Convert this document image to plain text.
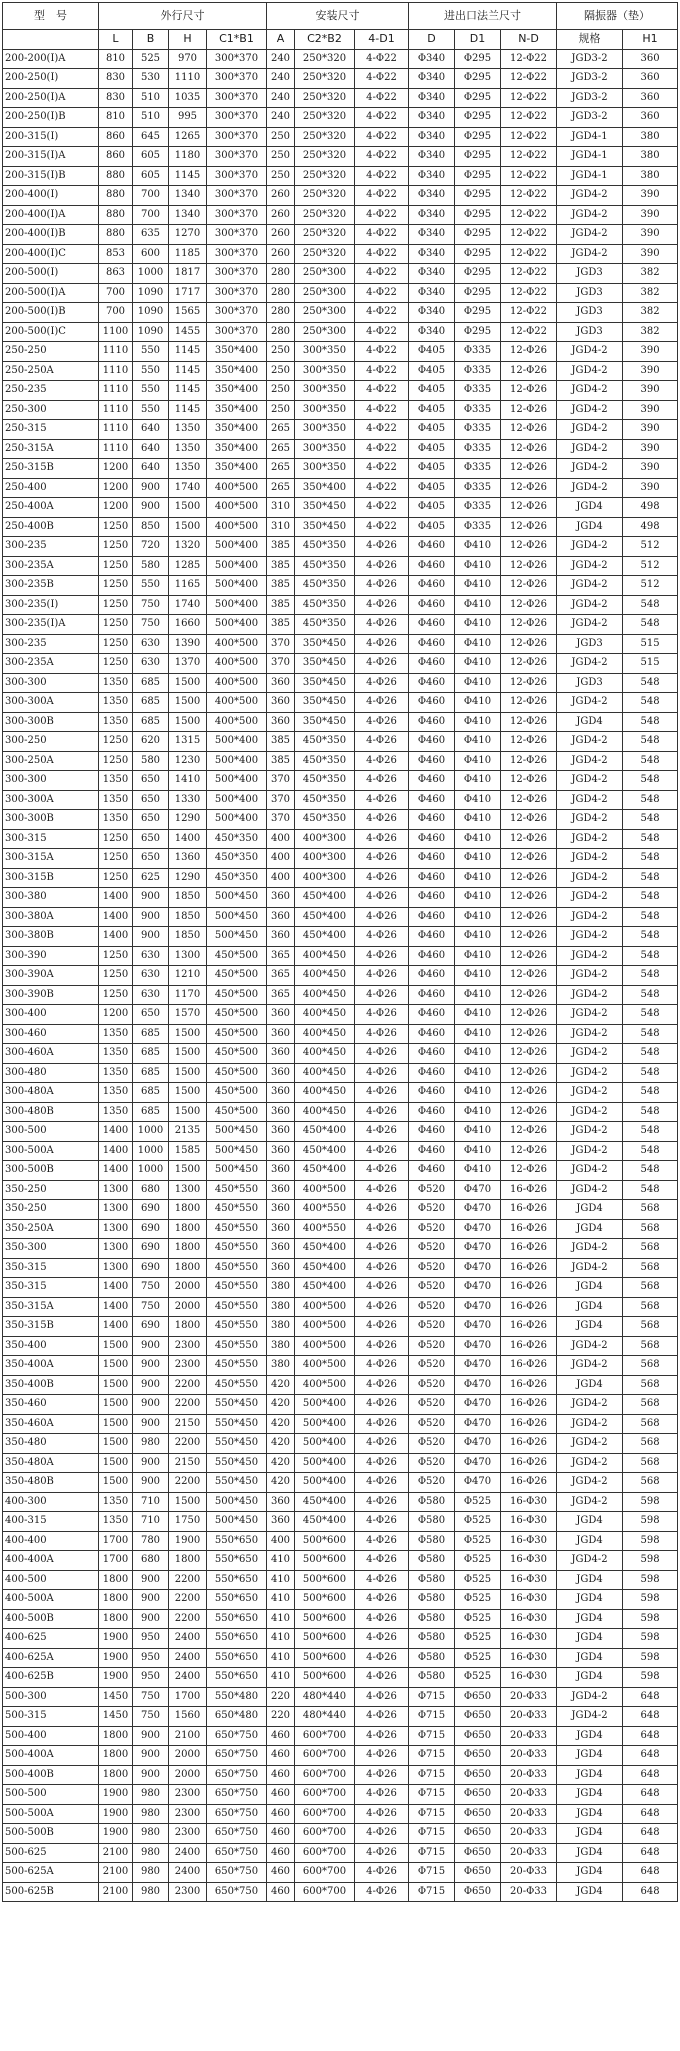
型　号	外行尺寸				安装尺寸			进出口法兰尺寸			隔振器（垫）	
	L	B	H	C1*B1	A	C2*B2	4-D1	D	D1	N-D	规格	H1
200-200(I)A	810	525	970	300*370	240	250*320	4-Φ22	Φ340	Φ295	12-Φ22	JGD3-2	360
200-250(I)	830	530	1110	300*370	240	250*320	4-Φ22	Φ340	Φ295	12-Φ22	JGD3-2	360
200-250(I)A	830	510	1035	300*370	240	250*320	4-Φ22	Φ340	Φ295	12-Φ22	JGD3-2	360
200-250(I)B	810	510	995	300*370	240	250*320	4-Φ22	Φ340	Φ295	12-Φ22	JGD3-2	360
200-315(I)	860	645	1265	300*370	250	250*320	4-Φ22	Φ340	Φ295	12-Φ22	JGD4-1	380
200-315(I)A	860	605	1180	300*370	250	250*320	4-Φ22	Φ340	Φ295	12-Φ22	JGD4-1	380
200-315(I)B	880	605	1145	300*370	250	250*320	4-Φ22	Φ340	Φ295	12-Φ22	JGD4-1	380
200-400(I)	880	700	1340	300*370	260	250*320	4-Φ22	Φ340	Φ295	12-Φ22	JGD4-2	390
200-400(I)A	880	700	1340	300*370	260	250*320	4-Φ22	Φ340	Φ295	12-Φ22	JGD4-2	390
200-400(I)B	880	635	1270	300*370	260	250*320	4-Φ22	Φ340	Φ295	12-Φ22	JGD4-2	390
200-400(I)C	853	600	1185	300*370	260	250*320	4-Φ22	Φ340	Φ295	12-Φ22	JGD4-2	390
200-500(I)	863	1000	1817	300*370	280	250*300	4-Φ22	Φ340	Φ295	12-Φ22	JGD3	382
200-500(I)A	700	1090	1717	300*370	280	250*300	4-Φ22	Φ340	Φ295	12-Φ22	JGD3	382
200-500(I)B	700	1090	1565	300*370	280	250*300	4-Φ22	Φ340	Φ295	12-Φ22	JGD3	382
200-500(I)C	1100	1090	1455	300*370	280	250*300	4-Φ22	Φ340	Φ295	12-Φ22	JGD3	382
250-250	1110	550	1145	350*400	250	300*350	4-Φ22	Φ405	Φ335	12-Φ26	JGD4-2	390
250-250A	1110	550	1145	350*400	250	300*350	4-Φ22	Φ405	Φ335	12-Φ26	JGD4-2	390
250-235	1110	550	1145	350*400	250	300*350	4-Φ22	Φ405	Φ335	12-Φ26	JGD4-2	390
250-300	1110	550	1145	350*400	250	300*350	4-Φ22	Φ405	Φ335	12-Φ26	JGD4-2	390
250-315	1110	640	1350	350*400	265	300*350	4-Φ22	Φ405	Φ335	12-Φ26	JGD4-2	390
250-315A	1110	640	1350	350*400	265	300*350	4-Φ22	Φ405	Φ335	12-Φ26	JGD4-2	390
250-315B	1200	640	1350	350*400	265	300*350	4-Φ22	Φ405	Φ335	12-Φ26	JGD4-2	390
250-400	1200	900	1740	400*500	265	350*400	4-Φ22	Φ405	Φ335	12-Φ26	JGD4-2	390
250-400A	1200	900	1500	400*500	310	350*450	4-Φ22	Φ405	Φ335	12-Φ26	JGD4	498
250-400B	1250	850	1500	400*500	310	350*450	4-Φ22	Φ405	Φ335	12-Φ26	JGD4	498
300-235	1250	720	1320	500*400	385	450*350	4-Φ26	Φ460	Φ410	12-Φ26	JGD4-2	512
300-235A	1250	580	1285	500*400	385	450*350	4-Φ26	Φ460	Φ410	12-Φ26	JGD4-2	512
300-235B	1250	550	1165	500*400	385	450*350	4-Φ26	Φ460	Φ410	12-Φ26	JGD4-2	512
300-235(I)	1250	750	1740	500*400	385	450*350	4-Φ26	Φ460	Φ410	12-Φ26	JGD4-2	548
300-235(I)A	1250	750	1660	500*400	385	450*350	4-Φ26	Φ460	Φ410	12-Φ26	JGD4-2	548
300-235	1250	630	1390	400*500	370	350*450	4-Φ26	Φ460	Φ410	12-Φ26	JGD3	515
300-235A	1250	630	1370	400*500	370	350*450	4-Φ26	Φ460	Φ410	12-Φ26	JGD4-2	515
300-300	1350	685	1500	400*500	360	350*450	4-Φ26	Φ460	Φ410	12-Φ26	JGD3	548
300-300A	1350	685	1500	400*500	360	350*450	4-Φ26	Φ460	Φ410	12-Φ26	JGD4-2	548
300-300B	1350	685	1500	400*500	360	350*450	4-Φ26	Φ460	Φ410	12-Φ26	JGD4	548
300-250	1250	620	1315	500*400	385	450*350	4-Φ26	Φ460	Φ410	12-Φ26	JGD4-2	548
300-250A	1250	580	1230	500*400	385	450*350	4-Φ26	Φ460	Φ410	12-Φ26	JGD4-2	548
300-300	1350	650	1410	500*400	370	450*350	4-Φ26	Φ460	Φ410	12-Φ26	JGD4-2	548
300-300A	1350	650	1330	500*400	370	450*350	4-Φ26	Φ460	Φ410	12-Φ26	JGD4-2	548
300-300B	1350	650	1290	500*400	370	450*350	4-Φ26	Φ460	Φ410	12-Φ26	JGD4-2	548
300-315	1250	650	1400	450*350	400	400*300	4-Φ26	Φ460	Φ410	12-Φ26	JGD4-2	548
300-315A	1250	650	1360	450*350	400	400*300	4-Φ26	Φ460	Φ410	12-Φ26	JGD4-2	548
300-315B	1250	625	1290	450*350	400	400*300	4-Φ26	Φ460	Φ410	12-Φ26	JGD4-2	548
300-380	1400	900	1850	500*450	360	450*400	4-Φ26	Φ460	Φ410	12-Φ26	JGD4-2	548
300-380A	1400	900	1850	500*450	360	450*400	4-Φ26	Φ460	Φ410	12-Φ26	JGD4-2	548
300-380B	1400	900	1850	500*450	360	450*400	4-Φ26	Φ460	Φ410	12-Φ26	JGD4-2	548
300-390	1250	630	1300	450*500	365	400*450	4-Φ26	Φ460	Φ410	12-Φ26	JGD4-2	548
300-390A	1250	630	1210	450*500	365	400*450	4-Φ26	Φ460	Φ410	12-Φ26	JGD4-2	548
300-390B	1250	630	1170	450*500	365	400*450	4-Φ26	Φ460	Φ410	12-Φ26	JGD4-2	548
300-400	1200	650	1570	450*500	360	400*450	4-Φ26	Φ460	Φ410	12-Φ26	JGD4-2	548
300-460	1350	685	1500	450*500	360	400*450	4-Φ26	Φ460	Φ410	12-Φ26	JGD4-2	548
300-460A	1350	685	1500	450*500	360	400*450	4-Φ26	Φ460	Φ410	12-Φ26	JGD4-2	548
300-480	1350	685	1500	450*500	360	400*450	4-Φ26	Φ460	Φ410	12-Φ26	JGD4-2	548
300-480A	1350	685	1500	450*500	360	400*450	4-Φ26	Φ460	Φ410	12-Φ26	JGD4-2	548
300-480B	1350	685	1500	450*500	360	400*450	4-Φ26	Φ460	Φ410	12-Φ26	JGD4-2	548
300-500	1400	1000	2135	500*450	360	450*400	4-Φ26	Φ460	Φ410	12-Φ26	JGD4-2	548
300-500A	1400	1000	1585	500*450	360	450*400	4-Φ26	Φ460	Φ410	12-Φ26	JGD4-2	548
300-500B	1400	1000	1500	500*450	360	450*400	4-Φ26	Φ460	Φ410	12-Φ26	JGD4-2	548
350-250	1300	680	1300	450*550	360	400*500	4-Φ26	Φ520	Φ470	16-Φ26	JGD4-2	548
350-250	1300	690	1800	450*550	360	400*550	4-Φ26	Φ520	Φ470	16-Φ26	JGD4	568
350-250A	1300	690	1800	450*550	360	400*550	4-Φ26	Φ520	Φ470	16-Φ26	JGD4	568
350-300	1300	690	1800	450*550	360	450*400	4-Φ26	Φ520	Φ470	16-Φ26	JGD4-2	568
350-315	1300	690	1800	450*550	360	450*400	4-Φ26	Φ520	Φ470	16-Φ26	JGD4-2	568
350-315	1400	750	2000	450*550	380	450*400	4-Φ26	Φ520	Φ470	16-Φ26	JGD4	568
350-315A	1400	750	2000	450*550	380	400*500	4-Φ26	Φ520	Φ470	16-Φ26	JGD4	568
350-315B	1400	690	1800	450*550	380	400*500	4-Φ26	Φ520	Φ470	16-Φ26	JGD4	568
350-400	1500	900	2300	450*550	380	400*500	4-Φ26	Φ520	Φ470	16-Φ26	JGD4-2	568
350-400A	1500	900	2300	450*550	380	400*500	4-Φ26	Φ520	Φ470	16-Φ26	JGD4-2	568
350-400B	1500	900	2200	450*550	420	400*500	4-Φ26	Φ520	Φ470	16-Φ26	JGD4	568
350-460	1500	900	2200	550*450	420	500*400	4-Φ26	Φ520	Φ470	16-Φ26	JGD4-2	568
350-460A	1500	900	2150	550*450	420	500*400	4-Φ26	Φ520	Φ470	16-Φ26	JGD4-2	568
350-480	1500	980	2200	550*450	420	500*400	4-Φ26	Φ520	Φ470	16-Φ26	JGD4-2	568
350-480A	1500	900	2150	550*450	420	500*400	4-Φ26	Φ520	Φ470	16-Φ26	JGD4-2	568
350-480B	1500	900	2200	550*450	420	500*400	4-Φ26	Φ520	Φ470	16-Φ26	JGD4-2	568
400-300	1350	710	1500	500*450	360	450*400	4-Φ26	Φ580	Φ525	16-Φ30	JGD4-2	598
400-315	1350	710	1750	500*450	360	450*400	4-Φ26	Φ580	Φ525	16-Φ30	JGD4	598
400-400	1700	780	1900	550*650	400	500*600	4-Φ26	Φ580	Φ525	16-Φ30	JGD4	598
400-400A	1700	680	1800	550*650	410	500*600	4-Φ26	Φ580	Φ525	16-Φ30	JGD4-2	598
400-500	1800	900	2200	550*650	410	500*600	4-Φ26	Φ580	Φ525	16-Φ30	JGD4	598
400-500A	1800	900	2200	550*650	410	500*600	4-Φ26	Φ580	Φ525	16-Φ30	JGD4	598
400-500B	1800	900	2200	550*650	410	500*600	4-Φ26	Φ580	Φ525	16-Φ30	JGD4	598
400-625	1900	950	2400	550*650	410	500*600	4-Φ26	Φ580	Φ525	16-Φ30	JGD4	598
400-625A	1900	950	2400	550*650	410	500*600	4-Φ26	Φ580	Φ525	16-Φ30	JGD4	598
400-625B	1900	950	2400	550*650	410	500*600	4-Φ26	Φ580	Φ525	16-Φ30	JGD4	598
500-300	1450	750	1700	550*480	220	480*440	4-Φ26	Φ715	Φ650	20-Φ33	JGD4-2	648
500-315	1450	750	1560	650*480	220	480*440	4-Φ26	Φ715	Φ650	20-Φ33	JGD4-2	648
500-400	1800	900	2100	650*750	460	600*700	4-Φ26	Φ715	Φ650	20-Φ33	JGD4	648
500-400A	1800	900	2000	650*750	460	600*700	4-Φ26	Φ715	Φ650	20-Φ33	JGD4	648
500-400B	1800	900	2000	650*750	460	600*700	4-Φ26	Φ715	Φ650	20-Φ33	JGD4	648
500-500	1900	980	2300	650*750	460	600*700	4-Φ26	Φ715	Φ650	20-Φ33	JGD4	648
500-500A	1900	980	2300	650*750	460	600*700	4-Φ26	Φ715	Φ650	20-Φ33	JGD4	648
500-500B	1900	980	2300	650*750	460	600*700	4-Φ26	Φ715	Φ650	20-Φ33	JGD4	648
500-625	2100	980	2400	650*750	460	600*700	4-Φ26	Φ715	Φ650	20-Φ33	JGD4	648
500-625A	2100	980	2400	650*750	460	600*700	4-Φ26	Φ715	Φ650	20-Φ33	JGD4	648
500-625B	2100	980	2300	650*750	460	600*700	4-Φ26	Φ715	Φ650	20-Φ33	JGD4	648
